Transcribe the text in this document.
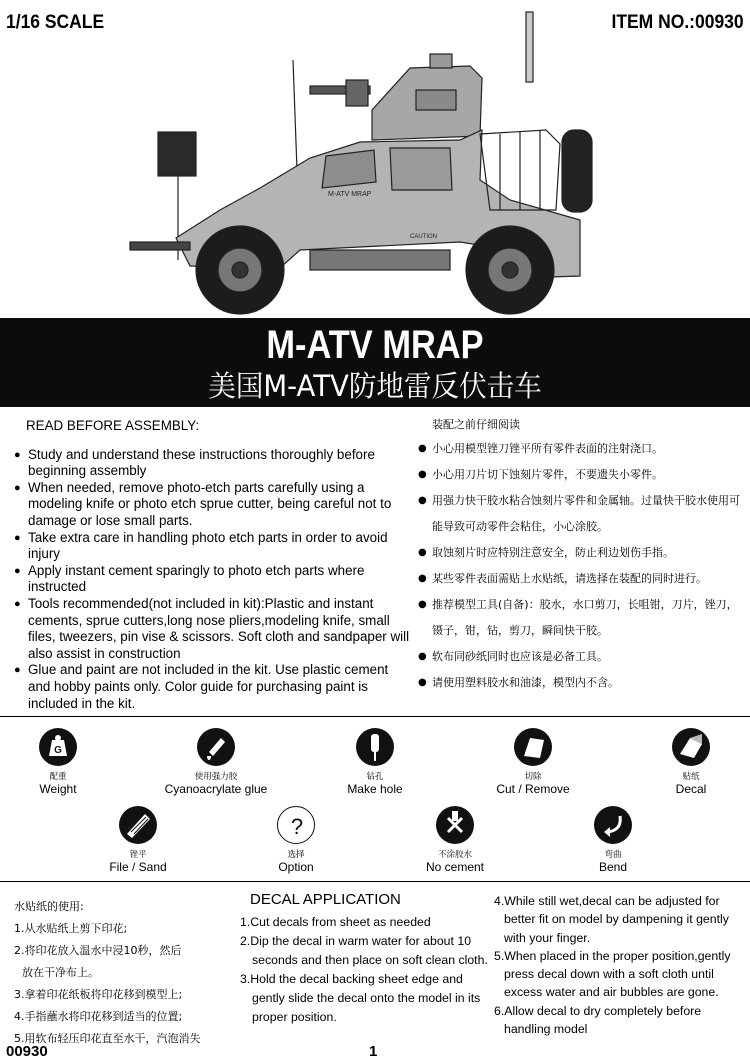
1/16 SCALE	ITEM NO.:00930
M-ATV MRAP
CAUTION
M-ATV MRAP
美国M-ATV防地雷反伏击车
READ BEFORE ASSEMBLY:
● Study and understand these instructions thoroughly before beginning assembly
● When needed, remove photo-etch parts carefully using a modeling knife or photo etch sprue cutter, being careful not to damage or lose small parts.
● Take extra care in handling photo etch parts in order to avoid injury
● Apply instant cement sparingly to photo etch parts where instructed
● Tools recommended(not included in kit):Plastic and instant cements, sprue cutters,long nose pliers,modeling knife, small files, tweezers, pin vise & scissors. Soft cloth and sandpaper will also assist in construction
● Glue and paint are not included in the kit. Use plastic cement and hobby paints only. Color guide for purchasing paint is included in the kit.
装配之前仔细阅读
● 小心用模型锉刀锉平所有零件表面的注射浇口。
● 小心用刀片切下蚀刻片零件，不要遗失小零件。
● 用强力快干胶水粘合蚀刻片零件和金属轴。过量快干胶水使用可能导致可动零件会粘住，小心涂胶。
● 取蚀刻片时应特别注意安全，防止利边划伤手指。
● 某些零件表面需贴上水贴纸，请选择在装配的同时进行。
● 推荐模型工具(自备)：胶水，水口剪刀，长咀钳，刀片，锉刀，镊子，钳，钻，剪刀，瞬间快干胶。
● 软布同砂纸同时也应该是必备工具。
● 请使用塑料胶水和油漆，模型内不含。
G
配重
Weight
使用强力胶
Cyanoacrylate glue
钻孔
Make hole
切除
Cut / Remove
贴纸
Decal
锉平
File / Sand
?
选择
Option
不涂胶水
No cement
弯曲
Bend
水贴纸的使用:

1.从水贴纸上剪下印花;

2.将印花放入温水中浸10秒，然后

放在干净布上。

3.拿着印花纸板将印花移到模型上;

4.手指蘸水将印花移到适当的位置;

5.用软布轻压印花直至水干，汽泡消失

DECAL APPLICATION

1.Cut decals from sheet as needed

2.Dip the decal in warm water for about 10 seconds and then place on soft clean cloth.

3.Hold the decal backing sheet edge and gently slide the decal onto the model in its proper position.

4.While still wet,decal can be adjusted for better fit on model by dampening it gently with your finger.

5.When placed in the proper position,gently press decal down with a soft cloth until excess water and air bubbles are gone.

6.Allow decal to dry completely before handling model

00930	1
